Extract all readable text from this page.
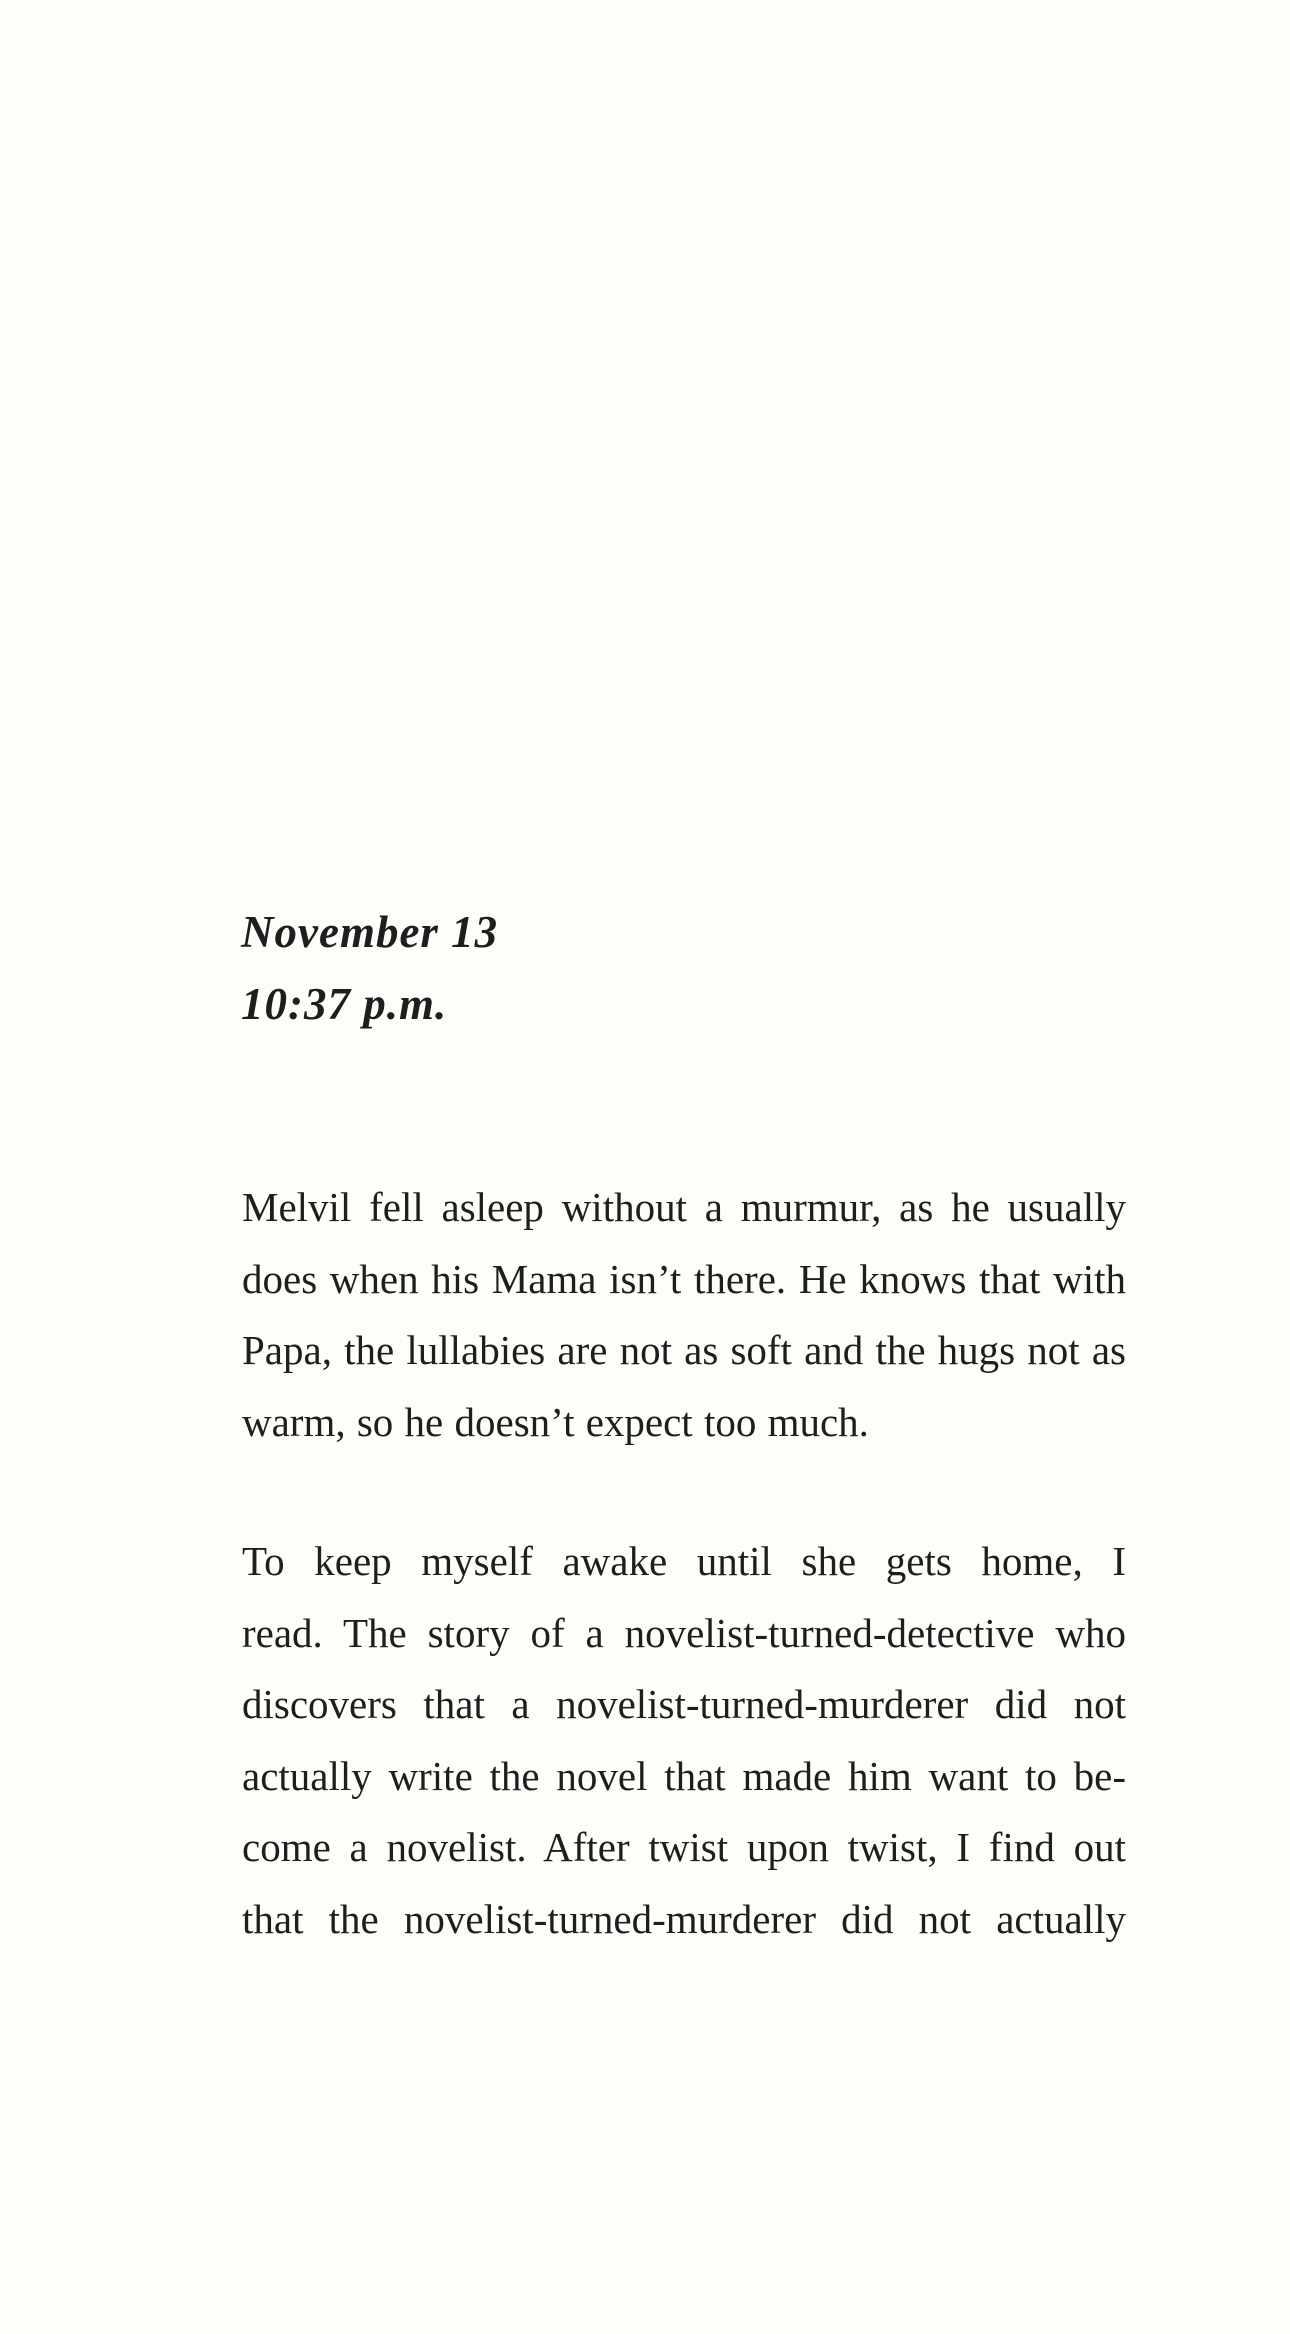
November 13
10:37 p.m.
Melvil fell asleep without a murmur, as he usually
does when his Mama isn’t there. He knows that with
Papa, the lullabies are not as soft and the hugs not as
warm, so he doesn’t expect too much.
To keep myself awake until she gets home, I
read. The story of a novelist-turned-detective who
discovers that a novelist-turned-murderer did not
actually write the novel that made him want to be-
come a novelist. After twist upon twist, I find out
that the novelist-turned-murderer did not actually
